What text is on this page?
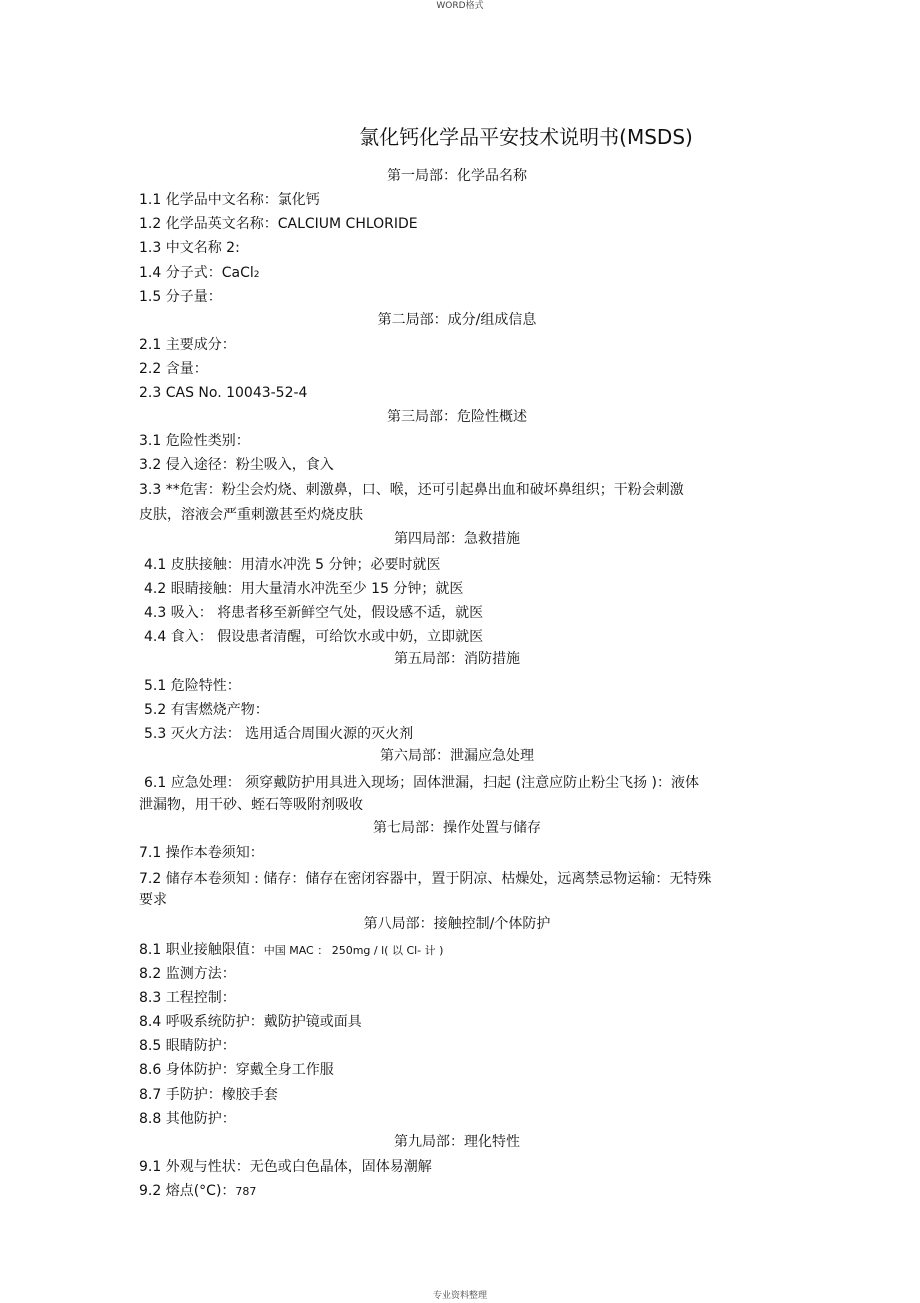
WORD格式
氯化钙化学品平安技术说明书(MSDS)
第一局部：化学品名称
1.1 化学品中文名称：氯化钙
1.2 化学品英文名称：CALCIUM CHLORIDE
1.3 中文名称 2:
1.4 分子式：CaCl2
1.5 分子量：
第二局部：成分/组成信息
2.1 主要成分：
2.2 含量：
2.3 CAS No. 10043-52-4
第三局部：危险性概述
3.1 危险性类别：
3.2 侵入途径：粉尘吸入，食入
3.3 **危害：粉尘会灼烧、刺激鼻，口、喉，还可引起鼻出血和破坏鼻组织；干粉会刺激
皮肤，溶液会严重刺激甚至灼烧皮肤
第四局部：急救措施
4.1 皮肤接触：用清水冲洗 5 分钟；必要时就医
4.2 眼睛接触：用大量清水冲洗至少 15 分钟；就医
4.3 吸入： 将患者移至新鲜空气处，假设感不适，就医
4.4 食入： 假设患者清醒，可给饮水或中奶，立即就医
第五局部：消防措施
5.1 危险特性：
5.2 有害燃烧产物：
5.3 灭火方法： 选用适合周围火源的灭火剂
第六局部：泄漏应急处理
6.1 应急处理： 须穿戴防护用具进入现场；固体泄漏，扫起 (注意应防止粉尘飞扬 )：液体
泄漏物，用干砂、蛭石等吸附剂吸收
第七局部：操作处置与储存
7.1 操作本卷须知：
7.2 储存本卷须知 : 储存：储存在密闭容器中，置于阴凉、枯燥处，远离禁忌物运输：无特殊
要求
第八局部：接触控制/个体防护
8.1 职业接触限值：中国 MAC ： 250mg / l( 以 Cl- 计 )
8.2 监测方法：
8.3 工程控制：
8.4 呼吸系统防护：戴防护镜或面具
8.5 眼睛防护：
8.6 身体防护：穿戴全身工作服
8.7 手防护：橡胶手套
8.8 其他防护：
第九局部：理化特性
9.1 外观与性状：无色或白色晶体，固体易潮解
9.2 熔点(°C)：787
专业资料整理
